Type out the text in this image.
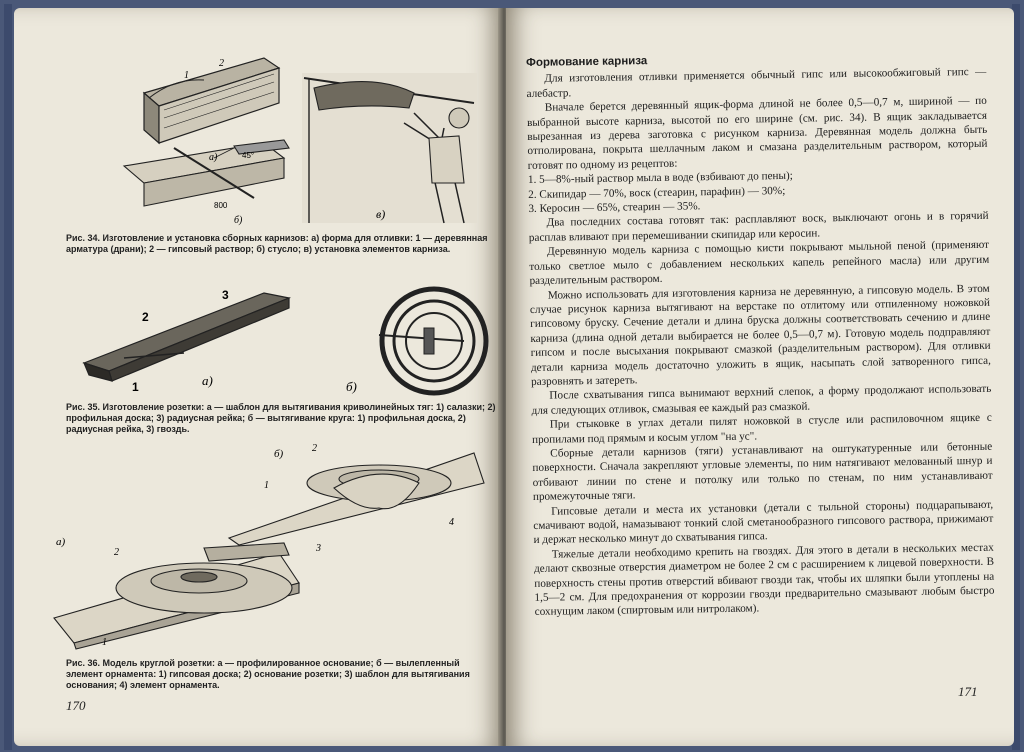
1
2
a)	45°
800
б)	в)

Рис. 34. Изготовление и установка сборных карнизов: а) форма для отливки: 1 — деревянная арматура (драни); 2 — гипсовый раствор; б) стусло; в) установка элементов карниза.

2
3
1	а)	б)

Рис. 35. Изготовление розетки: а — шаблон для вытягивания криволинейных тяг: 1) салазки; 2) профильная доска; 3) радиусная рейка; б — вытягивание круга: 1) профильная доска, 2) радиусная рейка, 3) гвоздь.

б)	2
1
4
а)
2	3
1

Рис. 36. Модель круглой розетки: а — профилированное основание; б — вылепленный элемент орнамента: 1) гипсовая доска; 2) основание розетки; 3) шаблон для вытягивания основания; 4) элемент орнамента.

170
Формование карниза

Для изготовления отливки применяется обычный гипс или высокообжиговый гипс — алебастр.

Вначале берется деревянный ящик-форма длиной не более 0,5—0,7 м, шириной — по выбранной высоте карниза, высотой по его ширине (см. рис. 34). В ящик закладывается вырезанная из дерева заготовка с рисунком карниза. Деревянная модель должна быть отполирована, покрыта шеллачным лаком и смазана разделительным раствором, который готовят по одному из рецептов:

1. 5—8%-ный раствор мыла в воде (взбивают до пены);

2. Скипидар — 70%, воск (стеарин, парафин) — 30%;

3. Керосин — 65%, стеарин — 35%.

Два последних состава готовят так: расплавляют воск, выключают огонь и в горячий расплав вливают при перемешивании скипидар или керосин.

Деревянную модель карниза с помощью кисти покрывают мыльной пеной (применяют только светлое мыло с добавлением нескольких капель репейного масла) или другим разделительным раствором.

Можно использовать для изготовления карниза не деревянную, а гипсовую модель. В этом случае рисунок карниза вытягивают на верстаке по отлитому или отпиленному ножовкой гипсовому бруску. Сечение детали и длина бруска должны соответствовать сечению и длине карниза (длина одной детали выбирается не более 0,5—0,7 м). Готовую модель подправляют гипсом и после высыхания покрывают смазкой (разделительным раствором). Для отливки детали карниза модель достаточно уложить в ящик, насыпать слой затворенного гипса, разровнять и затереть.

После схватывания гипса вынимают верхний слепок, а форму продолжают использовать для следующих отливок, смазывая ее каждый раз смазкой.

При стыковке в углах детали пилят ножовкой в стусле или распиловочном ящике с пропилами под прямым и косым углом "на ус".

Сборные детали карнизов (тяги) устанавливают на оштукатуренные или бетонные поверхности. Сначала закрепляют угловые элементы, по ним натягивают мелованный шнур и отбивают линии по стене и потолку или только по стенам, по ним устанавливают промежуточные тяги.

Гипсовые детали и места их установки (детали с тыльной стороны) подцарапывают, смачивают водой, намазывают тонкий слой сметанообразного гипсового раствора, прижимают и держат несколько минут до схватывания гипса.

Тяжелые детали необходимо крепить на гвоздях. Для этого в детали в нескольких местах делают сквозные отверстия диаметром не более 2 см с расширением к лицевой поверхности. В поверхность стены против отверстий вбивают гвозди так, чтобы их шляпки были утоплены на 1,5—2 см. Для предохранения от коррозии гвозди предварительно смазывают любым быстро сохнущим лаком (спиртовым или нитролаком).

171
